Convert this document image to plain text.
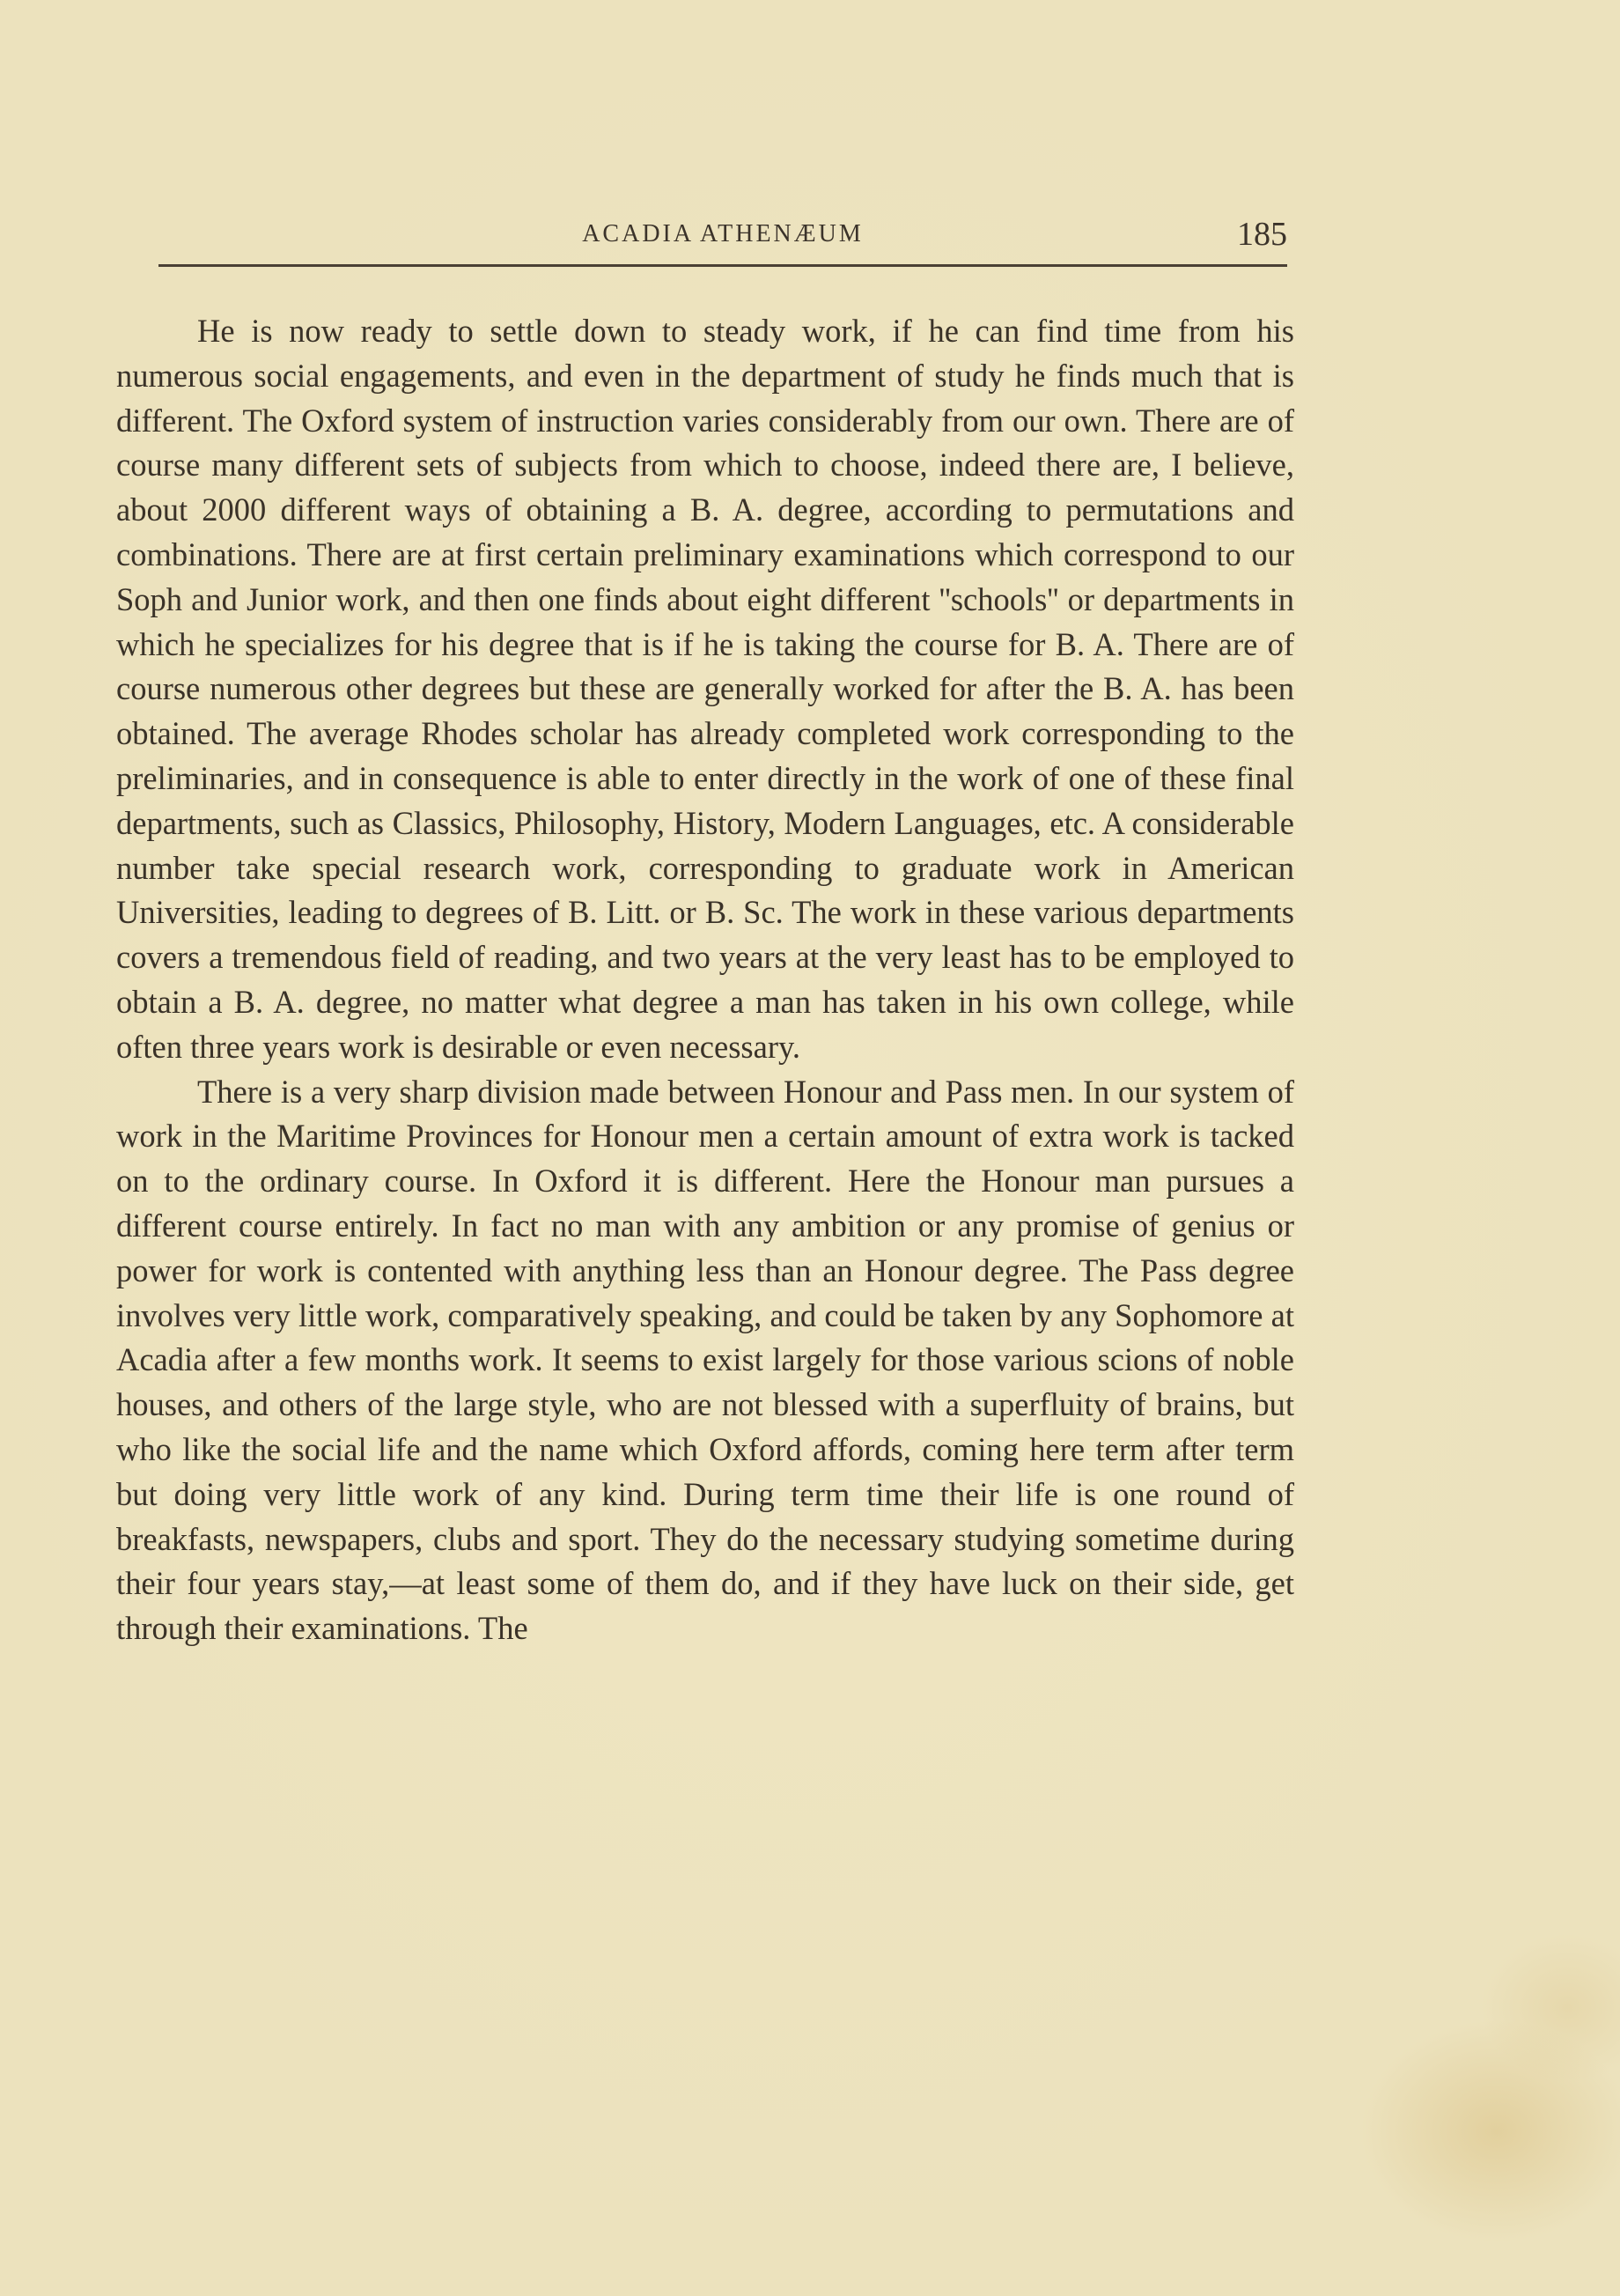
ACADIA ATHENÆUM	185

He is now ready to settle down to steady work, if he can find time from his numerous social engagements, and even in the department of study he finds much that is different. The Oxford system of instruction varies considerably from our own. There are of course many different sets of subjects from which to choose, indeed there are, I believe, about 2000 different ways of obtaining a B. A. degree, according to permutations and combinations. There are at first certain preliminary examinations which correspond to our Soph and Junior work, and then one finds about eight different ''schools'' or departments in which he specializes for his degree that is if he is taking the course for B. A. There are of course numerous other degrees but these are generally worked for after the B. A. has been obtained. The average Rhodes scholar has already completed work corresponding to the preliminaries, and in consequence is able to enter directly in the work of one of these final departments, such as Classics, Philosophy, History, Modern Languages, etc. A considerable number take special research work, corresponding to graduate work in American Universities, leading to degrees of B. Litt. or B. Sc. The work in these various departments covers a tremendous field of reading, and two years at the very least has to be employed to obtain a B. A. degree, no matter what degree a man has taken in his own college, while often three years work is desirable or even necessary.

There is a very sharp division made between Honour and Pass men. In our system of work in the Maritime Provinces for Honour men a certain amount of extra work is tacked on to the ordinary course. In Oxford it is different. Here the Honour man pursues a different course entirely. In fact no man with any ambition or any promise of genius or power for work is contented with anything less than an Honour degree. The Pass degree involves very little work, comparatively speaking, and could be taken by any Sophomore at Acadia after a few months work. It seems to exist largely for those various scions of noble houses, and others of the large style, who are not blessed with a superfluity of brains, but who like the social life and the name which Oxford affords, coming here term after term but doing very little work of any kind. During term time their life is one round of breakfasts, newspapers, clubs and sport. They do the necessary studying sometime during their four years stay,—at least some of them do, and if they have luck on their side, get through their examinations. The
